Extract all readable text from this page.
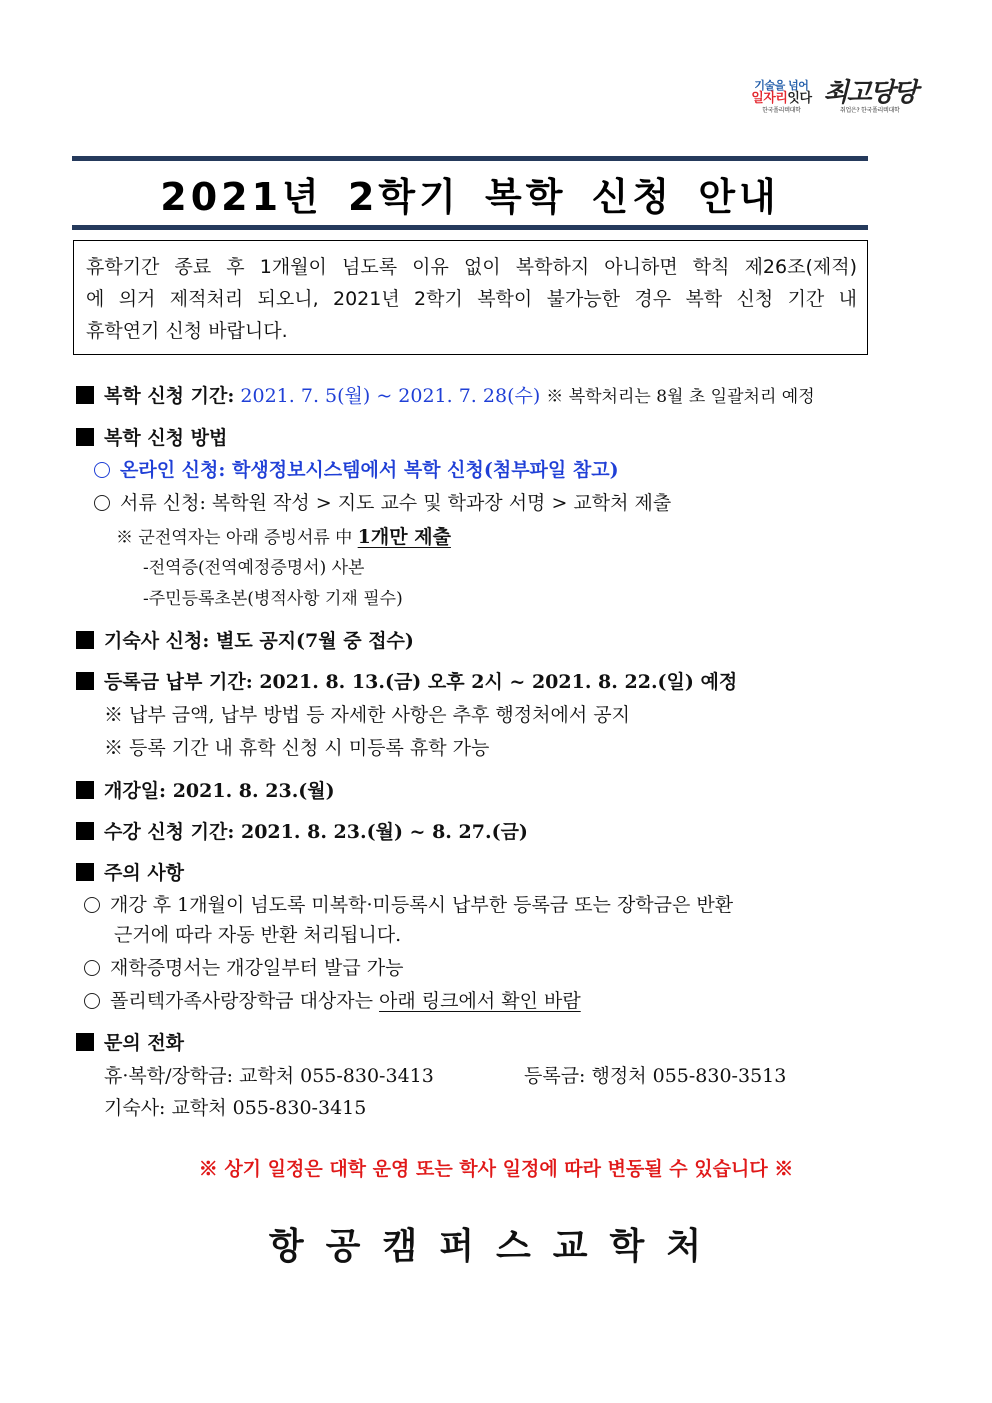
기술을 넘어
일자리잇다
한국폴리텍대학
최고당당
취업은? 한국폴리텍대학
2021년 2학기 복학 신청 안내
휴학기간 종료 후 1개월이 넘도록 이유 없이 복학하지 아니하면 학칙 제26조(제적)
에 의거 제적처리 되오니, 2021년 2학기 복학이 불가능한 경우 복학 신청 기간 내
휴학연기 신청 바랍니다.
복학 신청 기간: 2021. 7. 5(월) ~ 2021. 7. 28(수) ※ 복학처리는 8월 초 일괄처리 예정
복학 신청 방법
온라인 신청: 학생정보시스템에서 복학 신청(첨부파일 참고)
서류 신청: 복학원 작성 > 지도 교수 및 학과장 서명 > 교학처 제출
※ 군전역자는 아래 증빙서류 中 1개만 제출
-전역증(전역예정증명서) 사본
-주민등록초본(병적사항 기재 필수)
기숙사 신청: 별도 공지(7월 중 접수)
등록금 납부 기간: 2021. 8. 13.(금) 오후 2시 ~ 2021. 8. 22.(일) 예정
※ 납부 금액, 납부 방법 등 자세한 사항은 추후 행정처에서 공지
※ 등록 기간 내 휴학 신청 시 미등록 휴학 가능
개강일: 2021. 8. 23.(월)
수강 신청 기간: 2021. 8. 23.(월) ~ 8. 27.(금)
주의 사항
개강 후 1개월이 넘도록 미복학·미등록시 납부한 등록금 또는 장학금은 반환
근거에 따라 자동 반환 처리됩니다.
재학증명서는 개강일부터 발급 가능
폴리텍가족사랑장학금 대상자는 아래 링크에서 확인 바람
문의 전화
휴·복학/장학금: 교학처 055-830-3413	등록금: 행정처 055-830-3513
기숙사: 교학처 055-830-3415
※ 상기 일정은 대학 운영 또는 학사 일정에 따라 변동될 수 있습니다 ※
항공캠퍼스교학처
